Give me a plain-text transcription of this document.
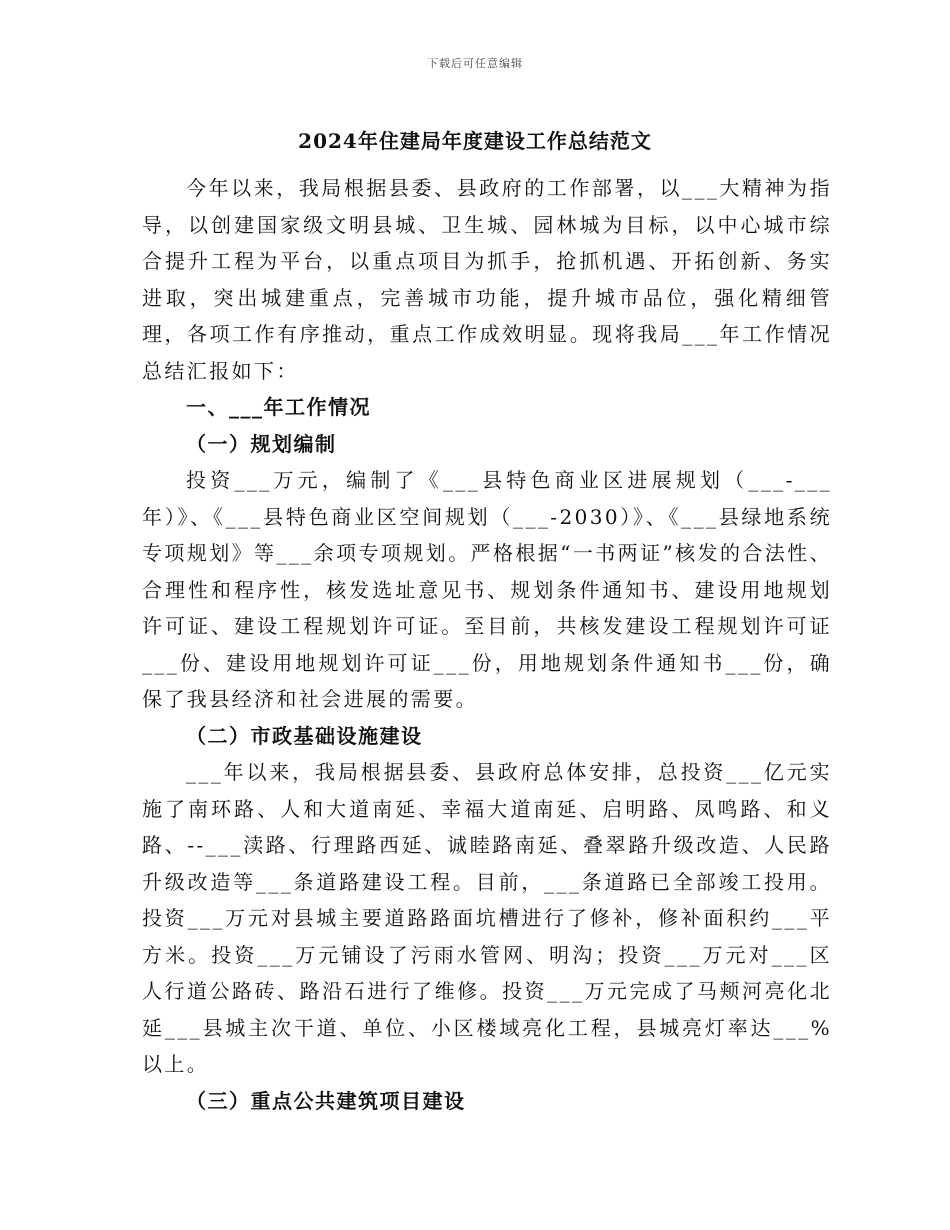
下载后可任意编辑
2024年住建局年度建设工作总结范文

今年以来，我局根据县委、县政府的工作部署，以___大精神为指导，以创建国家级文明县城、卫生城、园林城为目标，以中心城市综合提升工程为平台，以重点项目为抓手，抢抓机遇、开拓创新、务实进取，突出城建重点，完善城市功能，提升城市品位，强化精细管理，各项工作有序推动，重点工作成效明显。现将我局___年工作情况总结汇报如下：

一、___年工作情况

（一）规划编制

投资___万元，编制了《___县特色商业区进展规划（___-___年）》、《___县特色商业区空间规划（___-2030）》、《___县绿地系统专项规划》等___余项专项规划。严格根据“一书两证”核发的合法性、合理性和程序性，核发选址意见书、规划条件通知书、建设用地规划许可证、建设工程规划许可证。至目前，共核发建设工程规划许可证___份、建设用地规划许可证___份，用地规划条件通知书___份，确保了我县经济和社会进展的需要。

（二）市政基础设施建设

___年以来，我局根据县委、县政府总体安排，总投资___亿元实施了南环路、人和大道南延、幸福大道南延、启明路、凤鸣路、和义路、--___渎路、行理路西延、诚睦路南延、叠翠路升级改造、人民路升级改造等___条道路建设工程。目前，___条道路已全部竣工投用。投资___万元对县城主要道路路面坑槽进行了修补，修补面积约___平方米。投资___万元铺设了污雨水管网、明沟；投资___万元对___区人行道公路砖、路沿石进行了维修。投资___万元完成了马颊河亮化北延___县城主次干道、单位、小区楼域亮化工程，县城亮灯率达___%以上。

（三）重点公共建筑项目建设
